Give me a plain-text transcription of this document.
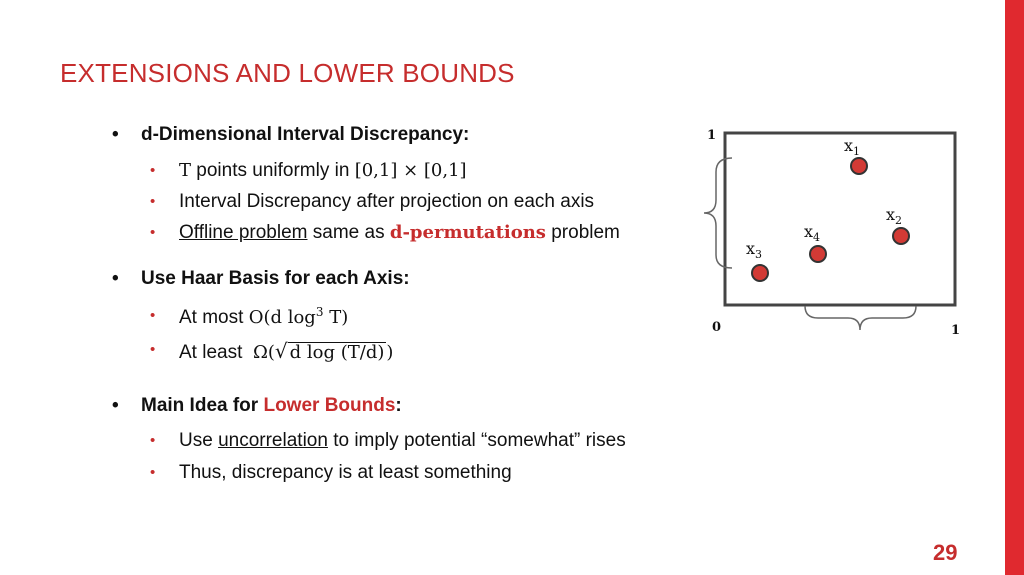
EXTENSIONS AND LOWER BOUNDS
• d-Dimensional Interval Discrepancy:
• T points uniformly in [0,1] × [0,1]
• Interval Discrepancy after projection on each axis
• Offline problem same as d-permutations problem
• Use Haar Basis for each Axis:
• At most O(d $\log^3 T$)
• At least  Ω(√ d log (T/d) )
• Main Idea for Lower Bounds:
• Use uncorrelation to imply potential “somewhat” rises
• Thus, discrepancy is at least something
1
0	1
$x_1$
$x_2$
$x_3$
$x_4$
29
